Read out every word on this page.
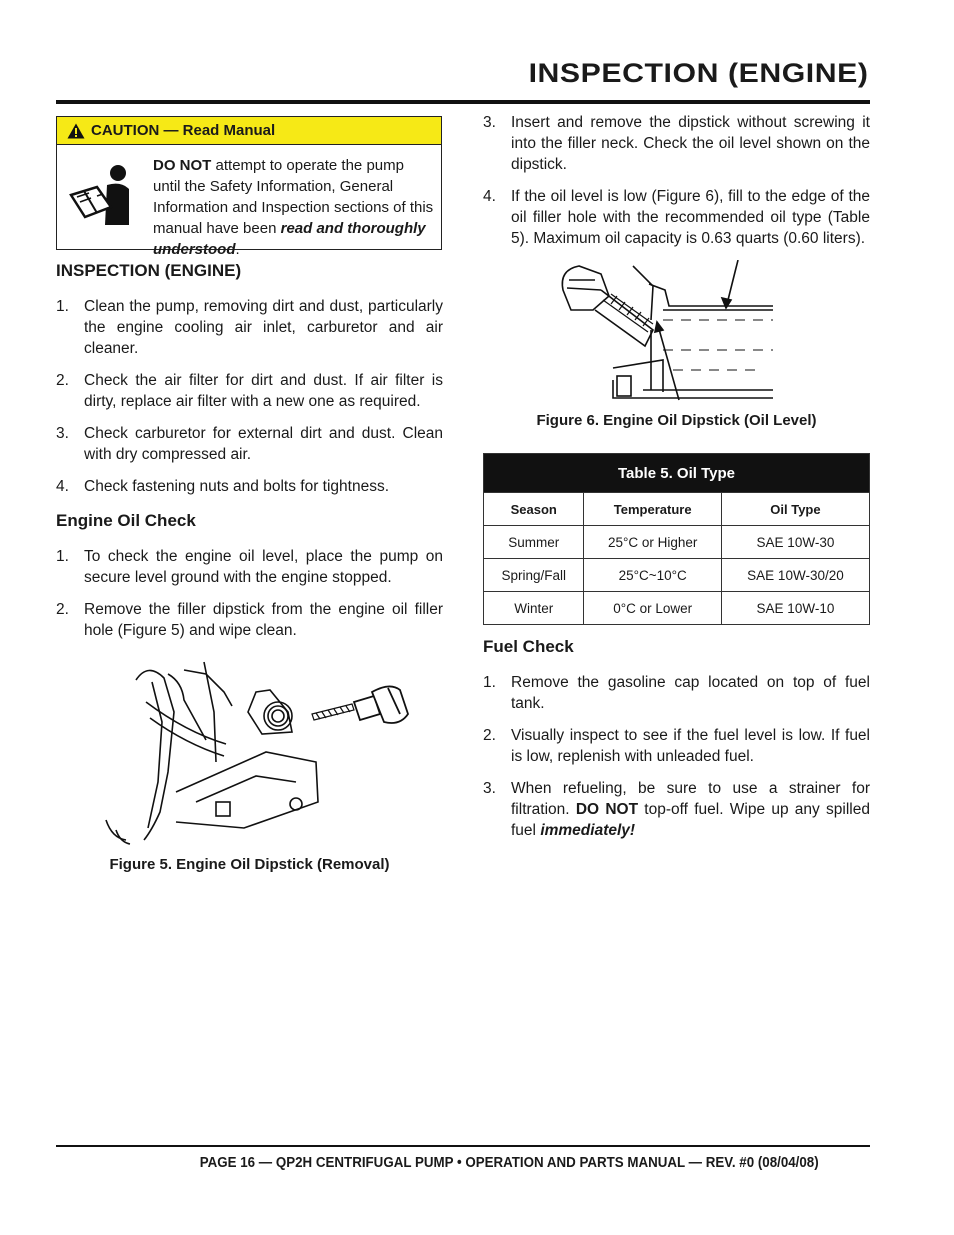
INSPECTION (ENGINE)
CAUTION — Read Manual
DO NOT attempt to operate the pump until the Safety Information, General Information and Inspection sections of this manual have been read and thoroughly understood.
INSPECTION (ENGINE)
1. Clean the pump, removing dirt and dust, particularly the engine cooling air inlet, carburetor and air cleaner.
2. Check the air filter for dirt and dust. If air filter is dirty, replace air filter with a new one as required.
3. Check carburetor for external dirt and dust. Clean with dry compressed air.
4. Check fastening nuts and bolts for tightness.
Engine Oil Check
1. To check the engine oil level, place the pump on secure level ground with the engine stopped.
2. Remove the filler dipstick from the engine oil filler hole (Figure 5) and wipe clean.
Figure 5. Engine Oil Dipstick (Removal)
3. Insert and remove the dipstick without screwing it into the filler neck. Check the oil level shown on the dipstick.
4. If the oil level is low (Figure 6), fill to the edge of the oil filler hole with the recommended oil type (Table 5). Maximum oil capacity is 0.63 quarts (0.60 liters).
Figure 6. Engine Oil Dipstick (Oil Level)
Table 5. Oil Type		
Season	Temperature	Oil Type
Summer	25°C or Higher	SAE 10W-30
Spring/Fall	25°C~10°C	SAE 10W-30/20
Winter	0°C or Lower	SAE 10W-10
Fuel Check
1. Remove the gasoline cap located on top of fuel tank.
2. Visually inspect to see if the fuel level is low. If fuel is low, replenish with unleaded fuel.
3. When refueling, be sure to use a strainer for filtration. DO NOT top-off fuel. Wipe up any spilled fuel immediately!
PAGE 16 — QP2H CENTRIFUGAL PUMP • OPERATION AND PARTS MANUAL — REV. #0 (08/04/08)
